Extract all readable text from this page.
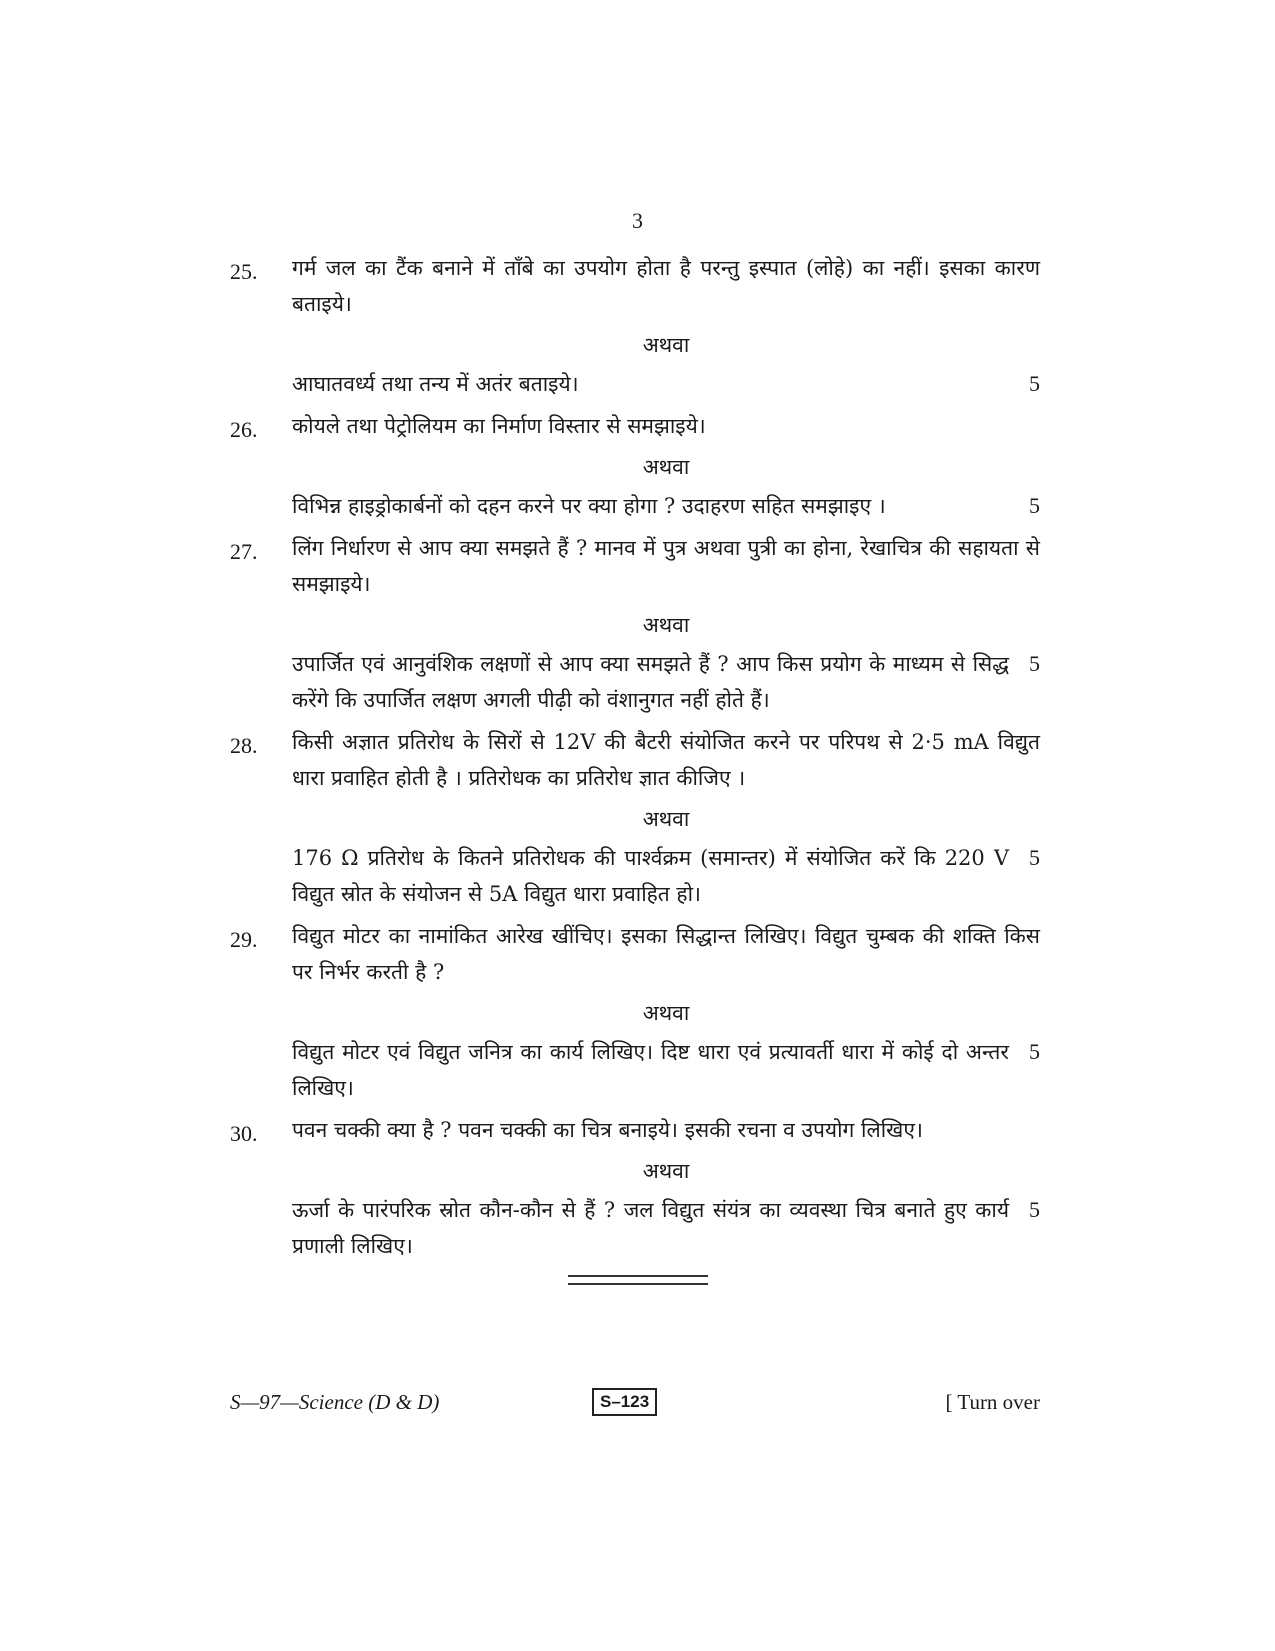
3
25. गर्म जल का टैंक बनाने में ताँबे का उपयोग होता है परन्तु इस्पात (लोहे) का नहीं। इसका कारण बताइये।
अथवा
5
आघातवर्ध्य तथा तन्य में अतंर बताइये।
26. कोयले तथा पेट्रोलियम का निर्माण विस्तार से समझाइये।
अथवा
5
विभिन्न हाइड्रोकार्बनों को दहन करने पर क्या होगा ? उदाहरण सहित समझाइए ।
27. लिंग निर्धारण से आप क्या समझते हैं ? मानव में पुत्र अथवा पुत्री का होना, रेखाचित्र की सहायता से समझाइये।
अथवा
5
उपार्जित एवं आनुवंशिक लक्षणों से आप क्या समझते हैं ? आप किस प्रयोग के माध्यम से सिद्ध करेंगे कि उपार्जित लक्षण अगली पीढ़ी को वंशानुगत नहीं होते हैं।
28. किसी अज्ञात प्रतिरोध के सिरों से 12V की बैटरी संयोजित करने पर परिपथ से 2·5 mA विद्युत धारा प्रवाहित होती है । प्रतिरोधक का प्रतिरोध ज्ञात कीजिए ।
अथवा
5
176 Ω प्रतिरोध के कितने प्रतिरोधक की पार्श्वक्रम (समान्तर) में संयोजित करें कि 220 V विद्युत स्रोत के संयोजन से 5A विद्युत धारा प्रवाहित हो।
29. विद्युत मोटर का नामांकित आरेख खींचिए। इसका सिद्धान्त लिखिए। विद्युत चुम्बक की शक्ति किस पर निर्भर करती है ?
अथवा
5
विद्युत मोटर एवं विद्युत जनित्र का कार्य लिखिए। दिष्ट धारा एवं प्रत्यावर्ती धारा में कोई दो अन्तर लिखिए।
30. पवन चक्की क्या है ? पवन चक्की का चित्र बनाइये। इसकी रचना व उपयोग लिखिए।
अथवा
5
ऊर्जा के पारंपरिक स्रोत कौन-कौन से हैं ? जल विद्युत संयंत्र का व्यवस्था चित्र बनाते हुए कार्य प्रणाली लिखिए।
S—97—Science (D & D)	S–123	[ Turn over
